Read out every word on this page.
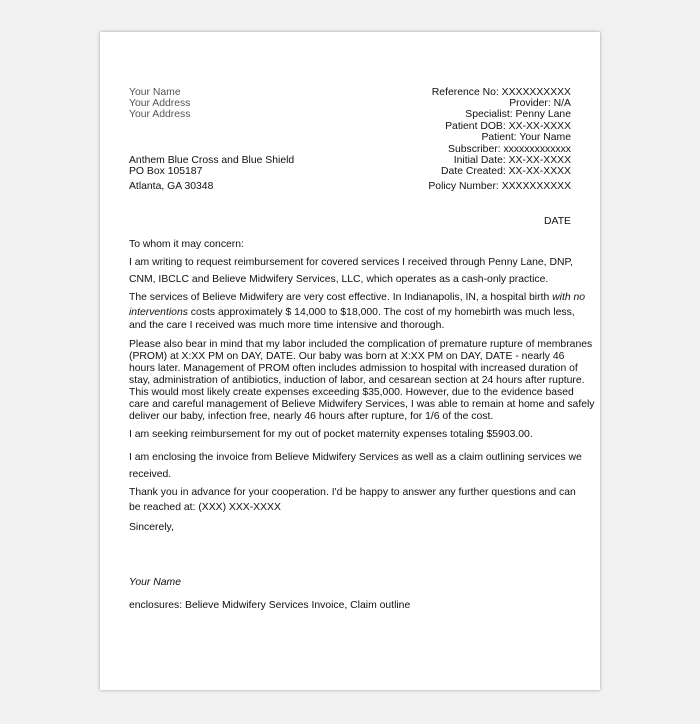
Your Name
Your Address
Your Address
Reference No: XXXXXXXXXX
Provider: N/A
Specialist: Penny Lane
Patient DOB: XX-XX-XXXX
Patient: Your Name
Subscriber: xxxxxxxxxxxxx
Initial Date: XX-XX-XXXX
Date Created: XX-XX-XXXX
Policy Number: XXXXXXXXXX
Anthem Blue Cross and Blue Shield
PO Box 105187
Atlanta, GA 30348
DATE
To whom it may concern:
I am writing to request reimbursement for covered services I received through Penny Lane, DNP,
CNM, IBCLC and Believe Midwifery Services, LLC, which operates as a cash-only practice.
The services of Believe Midwifery are very cost effective. In Indianapolis, IN, a hospital birth with no
interventions costs approximately $ 14,000 to $18,000. The cost of my homebirth was much less,
and the care I received was much more time intensive and thorough.
Please also bear in mind that my labor included the complication of premature rupture of membranes
(PROM) at X:XX PM on DAY, DATE. Our baby was born at X:XX PM on DAY, DATE - nearly 46
hours later. Management of PROM often includes admission to hospital with increased duration of
stay, administration of antibiotics, induction of labor, and cesarean section at 24 hours after rupture.
This would most likely create expenses exceeding $35,000. However, due to the evidence based
care and careful management of Believe Midwifery Services, I was able to remain at home and safely
deliver our baby, infection free, nearly 46 hours after rupture, for 1/6 of the cost.
I am seeking reimbursement for my out of pocket maternity expenses totaling $5903.00.
I am enclosing the invoice from Believe Midwifery Services as well as a claim outlining services we
received.
Thank you in advance for your cooperation. I'd be happy to answer any further questions and can
be reached at: (XXX) XXX-XXXX
Sincerely,
Your Name
enclosures: Believe Midwifery Services Invoice, Claim outline
